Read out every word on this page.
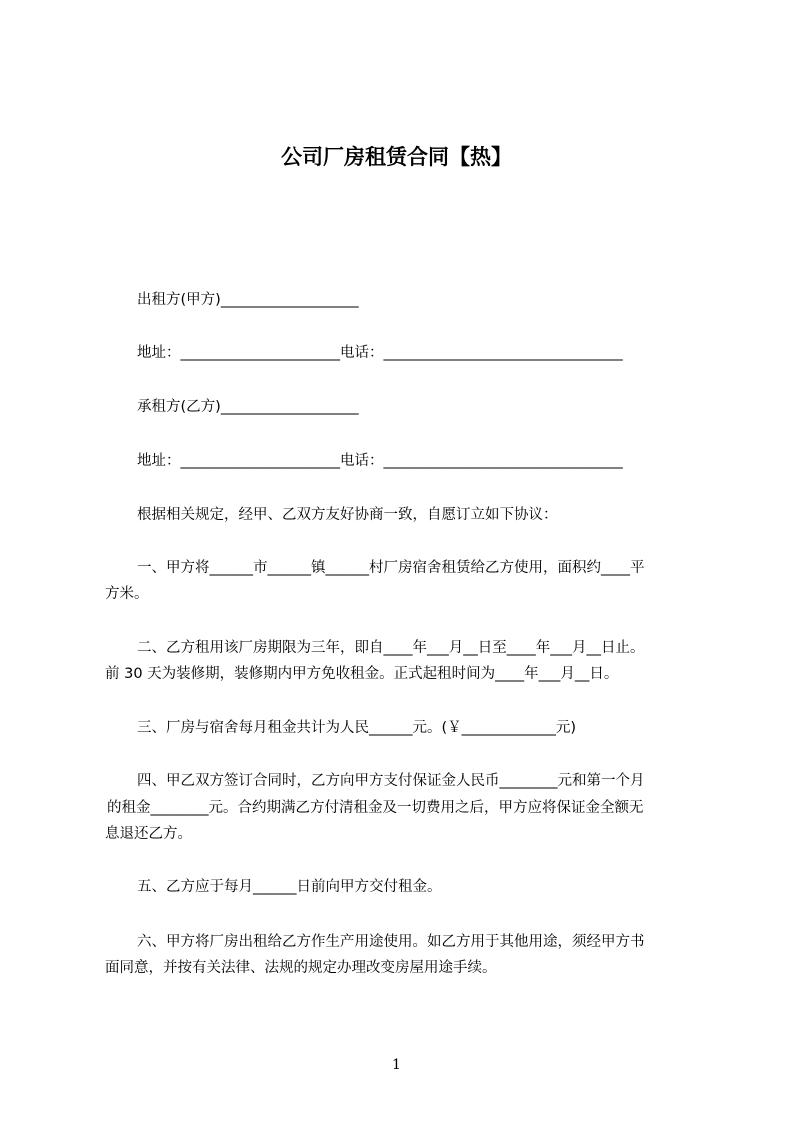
公司厂房租赁合同【热】
出租方(甲方)___________________
地址：______________________电话：_________________________________
承租方(乙方)___________________
地址：______________________电话：_________________________________
根据相关规定，经甲、乙双方友好协商一致，自愿订立如下协议：
一、甲方将______市______镇______村厂房宿舍租赁给乙方使用，面积约____平
方米。
二、乙方租用该厂房期限为三年，即自____年___月__日至____年___月__日止。
前 30 天为装修期，装修期内甲方免收租金。正式起租时间为____年___月__日。
三、厂房与宿舍每月租金共计为人民______元。(￥_____________元)
四、甲乙双方签订合同时，乙方向甲方支付保证金人民币________元和第一个月
的租金________元。合约期满乙方付清租金及一切费用之后，甲方应将保证金全额无
息退还乙方。
五、乙方应于每月______日前向甲方交付租金。
六、甲方将厂房出租给乙方作生产用途使用。如乙方用于其他用途，须经甲方书
面同意，并按有关法律、法规的规定办理改变房屋用途手续。
1
